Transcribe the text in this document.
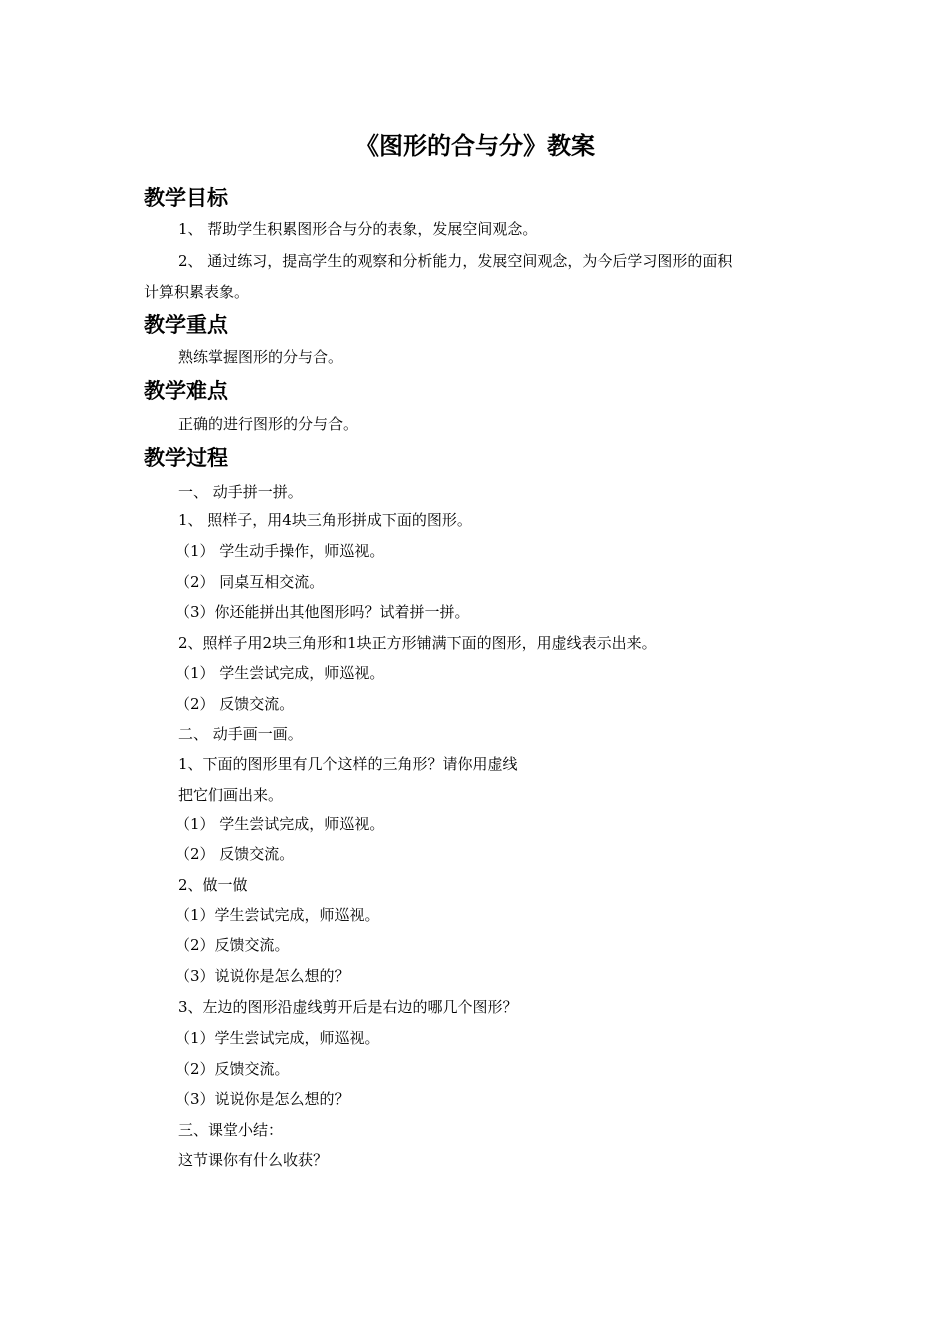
《图形的合与分》教案
教学目标
1、 帮助学生积累图形合与分的表象，发展空间观念。
2、 通过练习，提高学生的观察和分析能力，发展空间观念，为今后学习图形的面积
计算积累表象。
教学重点
熟练掌握图形的分与合。
教学难点
正确的进行图形的分与合。
教学过程
一、 动手拼一拼。
1、 照样子，用4块三角形拼成下面的图形。
（1） 学生动手操作，师巡视。
（2） 同桌互相交流。
（3）你还能拼出其他图形吗？试着拼一拼。
2、照样子用2块三角形和1块正方形铺满下面的图形，用虚线表示出来。
（1） 学生尝试完成，师巡视。
（2） 反馈交流。
二、 动手画一画。
1、下面的图形里有几个这样的三角形？请你用虚线
把它们画出来。
（1） 学生尝试完成，师巡视。
（2） 反馈交流。
2、做一做
（1）学生尝试完成，师巡视。
（2）反馈交流。
（3）说说你是怎么想的？
3、左边的图形沿虚线剪开后是右边的哪几个图形？
（1）学生尝试完成，师巡视。
（2）反馈交流。
（3）说说你是怎么想的？
三、课堂小结：
这节课你有什么收获？
